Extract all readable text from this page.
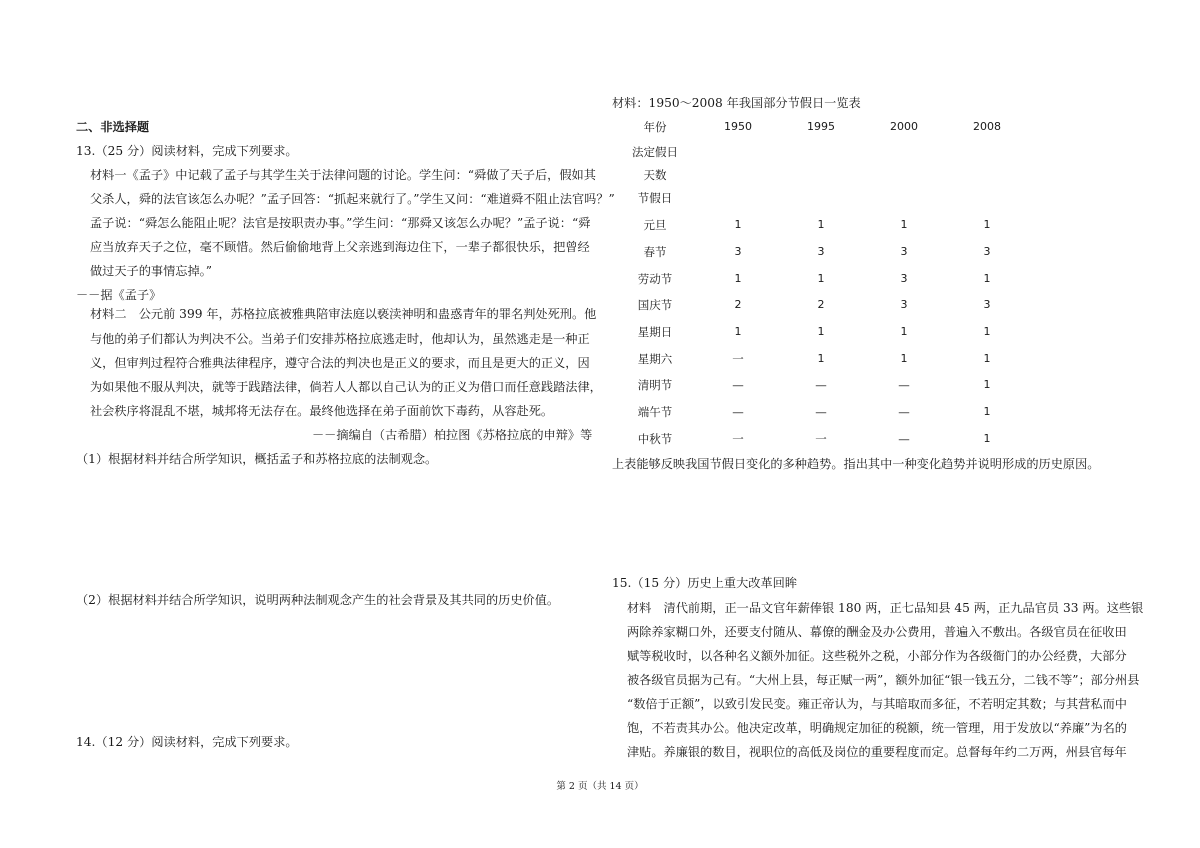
二、非选择题
13.（25 分）阅读材料，完成下列要求。
材料一《孟子》中记载了孟子与其学生关于法律问题的讨论。学生问：“舜做了天子后，假如其
父杀人，舜的法官该怎么办呢？”孟子回答：“抓起来就行了。”学生又问：“难道舜不阻止法官吗？”
孟子说：“舜怎么能阻止呢？法官是按职责办事。”学生问：“那舜又该怎么办呢？”孟子说：“舜
应当放弃天子之位，毫不顾惜。然后偷偷地背上父亲逃到海边住下，一辈子都很快乐，把曾经
做过天子的事情忘掉。”
－－据《孟子》
材料二　公元前 399 年，苏格拉底被雅典陪审法庭以亵渎神明和蛊惑青年的罪名判处死刑。他
与他的弟子们都认为判决不公。当弟子们安排苏格拉底逃走时，他却认为，虽然逃走是一种正
义，但审判过程符合雅典法律程序，遵守合法的判决也是正义的要求，而且是更大的正义，因
为如果他不服从判决，就等于践踏法律，倘若人人都以自己认为的正义为借口而任意践踏法律，
社会秩序将混乱不堪，城邦将无法存在。最终他选择在弟子面前饮下毒药，从容赴死。
－－摘编自（古希腊）柏拉图《苏格拉底的申辩》等
（1）根据材料并结合所学知识，概括孟子和苏格拉底的法制观念。
（2）根据材料并结合所学知识，说明两种法制观念产生的社会背景及其共同的历史价值。
14.（12 分）阅读材料，完成下列要求。
材料：1950～2008 年我国部分节假日一览表
年份	1950	1995	2000	2008
法定假日
天数
节假日
元旦	1	1	1	1
春节	3	3	3	3
劳动节	1	1	3	1
国庆节	2	2	3	3
星期日	1	1	1	1
星期六	一	1	1	1
清明节	—	—	—	1
端午节	—	—	—	1
中秋节	一	一	—	1
上表能够反映我国节假日变化的多种趋势。指出其中一种变化趋势并说明形成的历史原因。
15.（15 分）历史上重大改革回眸
材料　清代前期，正一品文官年薪俸银 180 两，正七品知县 45 两，正九品官员 33 两。这些银
两除养家糊口外，还要支付随从、幕僚的酬金及办公费用，普遍入不敷出。各级官员在征收田
赋等税收时，以各种名义额外加征。这些税外之税，小部分作为各级衙门的办公经费，大部分
被各级官员据为己有。“大州上县，每正赋一两”，额外加征“银一钱五分，二钱不等”；部分州县
“数倍于正额”，以致引发民变。雍正帝认为，与其暗取而多征，不若明定其数；与其营私而中
饱，不若责其办公。他决定改革，明确规定加征的税额，统一管理，用于发放以“养廉”为名的
津贴。养廉银的数目，视职位的高低及岗位的重要程度而定。总督每年约二万两，州县官每年
第 2 页（共 14 页）
